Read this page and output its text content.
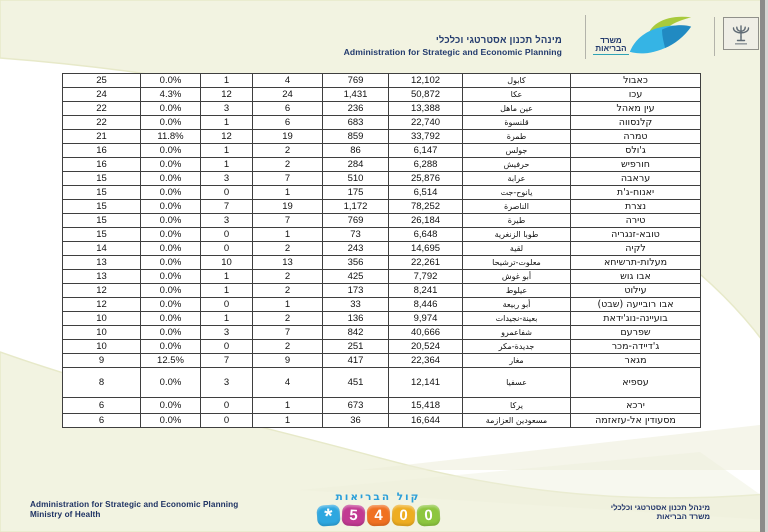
מינהל תכנון אסטרטגי וכלכלי
Administration for Strategic and Economic Planning
משרד
הבריאות
25	0.0%	1	4	769	12,102	كابول	כאבול
24	4.3%	12	24	1,431	50,872	عكا	עכו
22	0.0%	3	6	236	13,388	عين ماهل	עין מאהל
22	0.0%	1	6	683	22,740	قلنسوة	קלנסווה
21	11.8%	12	19	859	33,792	طمرة	טמרה
16	0.0%	1	2	86	6,147	جولس	ג'ולס
16	0.0%	1	2	284	6,288	حرفيش	חורפיש
15	0.0%	3	7	510	25,876	عرابة	עראבה
15	0.0%	0	1	175	6,514	يانوح-جت	יאנוח-ג'ת
15	0.0%	7	19	1,172	78,252	الناصرة	נצרת
15	0.0%	3	7	769	26,184	طيرة	טירה
15	0.0%	0	1	73	6,648	طوبا الزنغرية	טובא-זנגריה
14	0.0%	0	2	243	14,695	لقية	לקיה
13	0.0%	10	13	356	22,261	معلوت-ترشيحا	מעלות-תרשיחא
13	0.0%	1	2	425	7,792	أبو غوش	אבו גוש
12	0.0%	1	2	173	8,241	عيلوط	עילוט
12	0.0%	0	1	33	8,446	أبو ربيعة	אבו רובייעה (שבט)
10	0.0%	1	2	136	9,974	بعينة-نجيدات	בועיינה-נוג'ידאת
10	0.0%	3	7	842	40,666	شفاعمرو	שפרעם
10	0.0%	0	2	251	20,524	جديدة-مكر	ג'דיידה-מכר
9	12.5%	7	9	417	22,364	مغار	מגאר
8	0.0%	3	4	451	12,141	عسفيا	עספיא
6	0.0%	0	1	673	15,418	يركا	ירכא
6	0.0%	0	1	36	16,644	مسعودين العزازمة	מסעודין אל-עזאזמה
Administration for Strategic and Economic Planning
Ministry of Health
קול הבריאות
*	5	4	0	0	מינהל תכנון אסטרטגי וכלכלי
משרד הבריאות
